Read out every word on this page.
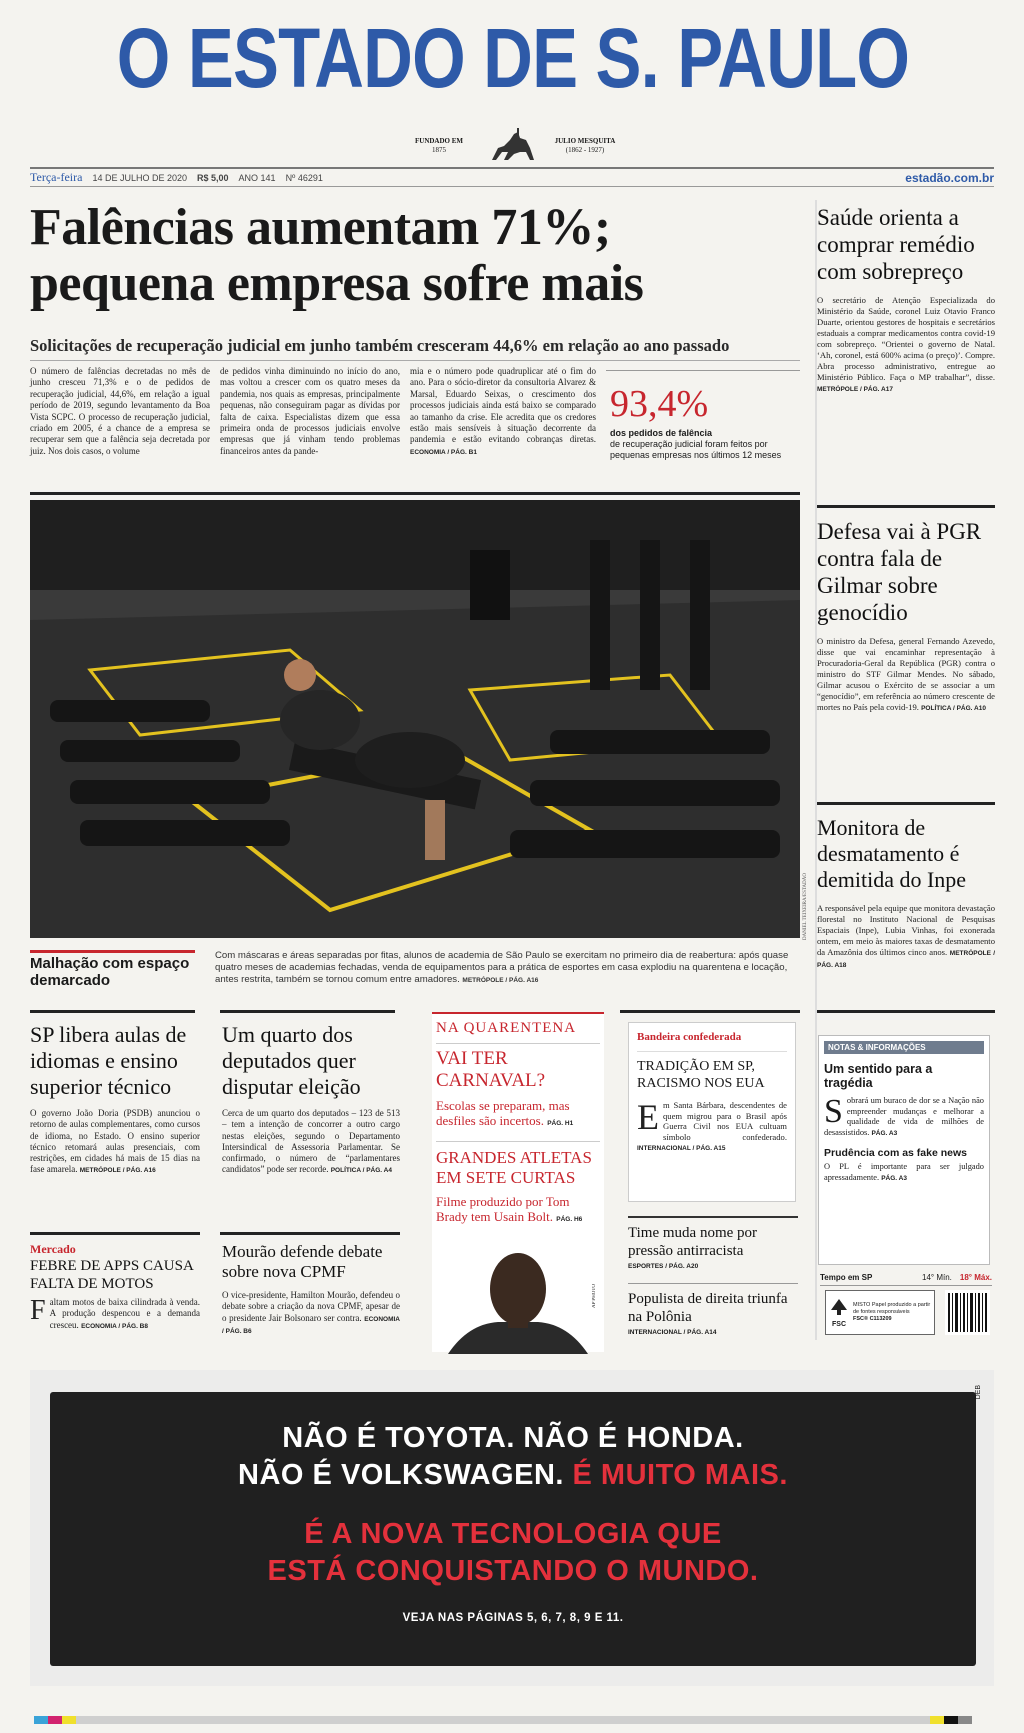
O ESTADO DE S. PAULO
FUNDADO EM
1875
JULIO MESQUITA
(1862 - 1927)
Terça-feira 14 DE JULHO DE 2020 R$ 5,00 ANO 141 Nº 46291	estadão.com.br
Falências aumentam 71%;
pequena empresa sofre mais
Solicitações de recuperação judicial em junho também cresceram 44,6% em relação ao ano passado
O número de falências decretadas no mês de junho cresceu 71,3% e o de pedidos de recuperação judicial, 44,6%, em relação a igual período de 2019, segundo levantamento da Boa Vista SCPC. O processo de recuperação judicial, criado em 2005, é a chance de a empresa se recuperar sem que a falência seja decretada por juiz. Nos dois casos, o volume
de pedidos vinha diminuindo no início do ano, mas voltou a crescer com os quatro meses da pandemia, nos quais as empresas, principalmente pequenas, não conseguiram pagar as dívidas por falta de caixa. Especialistas dizem que essa primeira onda de processos judiciais envolve empresas que já vinham tendo problemas financeiros antes da pande-
mia e o número pode quadruplicar até o fim do ano. Para o sócio-diretor da consultoria Alvarez & Marsal, Eduardo Seixas, o crescimento dos processos judiciais ainda está baixo se comparado ao tamanho da crise. Ele acredita que os credores estão mais sensíveis à situação decorrente da pandemia e estão evitando cobranças diretas. ECONOMIA / PÁG. B1
93,4%
dos pedidos de falência
de recuperação judicial foram feitos por pequenas empresas nos últimos 12 meses
Saúde orienta a comprar remédio com sobrepreço
O secretário de Atenção Especializada do Ministério da Saúde, coronel Luiz Otavio Franco Duarte, orientou gestores de hospitais e secretários estaduais a comprar medicamentos contra covid-19 com sobrepreço. “Orientei o governo de Natal. ‘Ah, coronel, está 600% acima (o preço)’. Compre. Abra processo administrativo, entregue ao Ministério Público. Faça o MP trabalhar”, disse. METRÓPOLE / PÁG. A17
Defesa vai à PGR contra fala de Gilmar sobre genocídio
O ministro da Defesa, general Fernando Azevedo, disse que vai encaminhar representação à Procuradoria-Geral da República (PGR) contra o ministro do STF Gilmar Mendes. No sábado, Gilmar acusou o Exército de se associar a um “genocídio”, em referência ao número crescente de mortes no País pela covid-19. POLÍTICA / PÁG. A10
Monitora de desmatamento é demitida do Inpe
A responsável pela equipe que monitora devastação florestal no Instituto Nacional de Pesquisas Espaciais (Inpe), Lubia Vinhas, foi exonerada ontem, em meio às maiores taxas de desmatamento da Amazônia dos últimos cinco anos. METRÓPOLE / PÁG. A18
DANIEL TEIXEIRA/ESTADÃO
Malhação com espaço demarcado
Com máscaras e áreas separadas por fitas, alunos de academia de São Paulo se exercitam no primeiro dia de reabertura: após quase quatro meses de academias fechadas, venda de equipamentos para a prática de esportes em casa explodiu na quarentena e locação, antes restrita, também se tornou comum entre amadores. METRÓPOLE / PÁG. A16
SP libera aulas de idiomas e ensino superior técnico
O governo João Doria (PSDB) anunciou o retorno de aulas complementares, como cursos de idioma, no Estado. O ensino superior técnico retomará aulas presenciais, com restrições, em cidades há mais de 15 dias na fase amarela. METRÓPOLE / PÁG. A16
Um quarto dos deputados quer disputar eleição
Cerca de um quarto dos deputados – 123 de 513 – tem a intenção de concorrer a outro cargo nestas eleições, segundo o Departamento Intersindical de Assessoria Parlamentar. Se confirmado, o número de “parlamentares candidatos” pode ser recorde. POLÍTICA / PÁG. A4
Mercado
FEBRE DE APPS CAUSA FALTA DE MOTOS
F altam motos de baixa cilindrada à venda. A produção despencou e a demanda cresceu. ECONOMIA / PÁG. B8
Mourão defende debate sobre nova CPMF
O vice-presidente, Hamilton Mourão, defendeu o debate sobre a criação da nova CPMF, apesar de o presidente Jair Bolsonaro ser contra. ECONOMIA / PÁG. B6
NA QUARENTENA
VAI TER CARNAVAL?
Escolas se preparam, mas desfiles são incertos. PÁG. H1
GRANDES ATLETAS EM SETE CURTAS
Filme produzido por Tom Brady tem Usain Bolt. PÁG. H6
AP PHOTO
Bandeira confederada
TRADIÇÃO EM SP, RACISMO NOS EUA
E m Santa Bárbara, descendentes de quem migrou para o Brasil após Guerra Civil nos EUA cultuam símbolo confederado. INTERNACIONAL / PÁG. A15
Time muda nome por pressão antirracista
ESPORTES / PÁG. A20
Populista de direita triunfa na Polônia
INTERNACIONAL / PÁG. A14
NOTAS & INFORMAÇÕES
Um sentido para a tragédia
S obrará um buraco de dor se a Nação não empreender mudanças e melhorar a qualidade de vida de milhões de desassistidos. PÁG. A3
Prudência com as fake news
O PL é importante para ser julgado apressadamente. PÁG. A3
Tempo em SP	14° Mín. 18° Máx.
FSC
MISTO Papel produzido a partir de fontes responsáveis
FSC® C113209
NÃO É TOYOTA. NÃO É HONDA.
NÃO É VOLKSWAGEN. É MUITO MAIS.
É A NOVA TECNOLOGIA QUE
ESTÁ CONQUISTANDO O MUNDO.
VEJA NAS PÁGINAS 5, 6, 7, 8, 9 E 11.
DEB
